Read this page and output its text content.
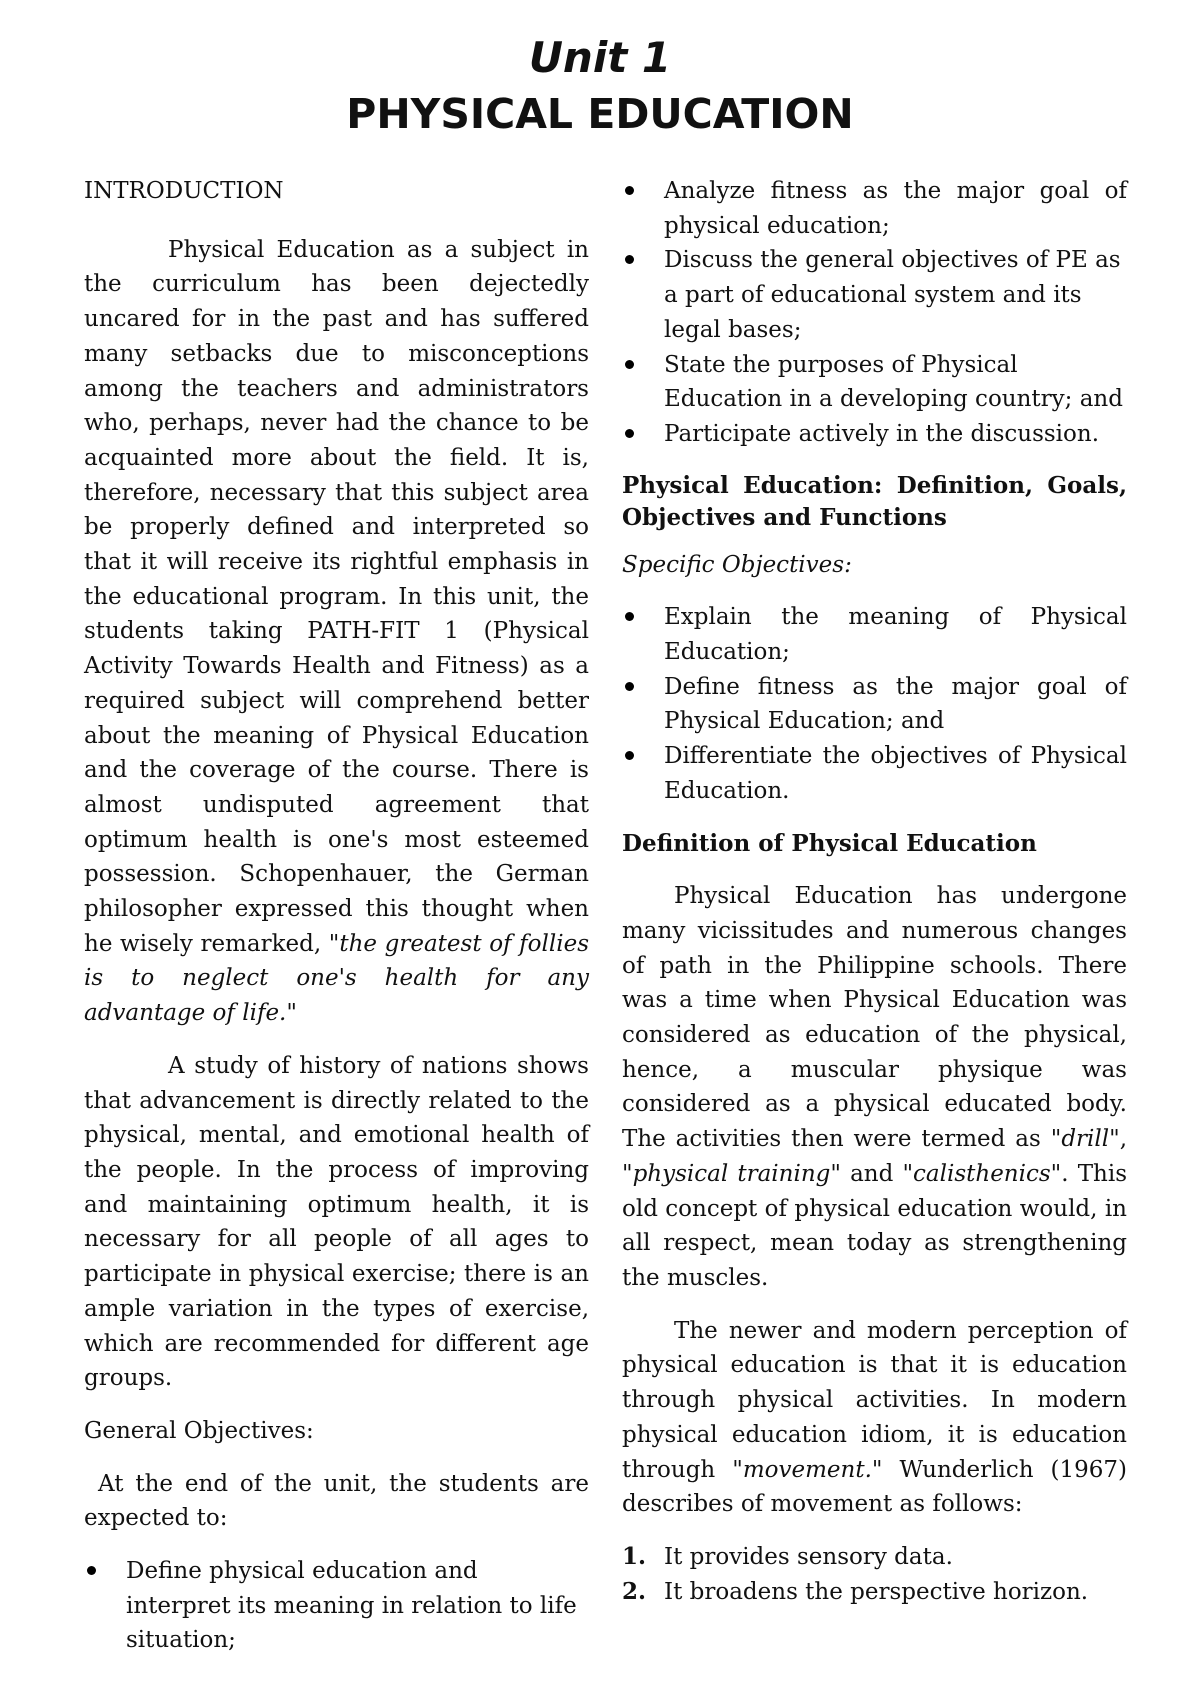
Unit 1
PHYSICAL EDUCATION

INTRODUCTION

Physical Education as a subject in the curriculum has been dejectedly uncared for in the past and has suffered many setbacks due to misconceptions among the teachers and administrators who, perhaps, never had the chance to be acquainted more about the field. It is, therefore, necessary that this subject area be properly defined and interpreted so that it will receive its rightful emphasis in the educational program. In this unit, the students taking PATH-FIT 1 (Physical Activity Towards Health and Fitness) as a required subject will comprehend better about the meaning of Physical Education and the coverage of the course. There is almost undisputed agreement that optimum health is one's most esteemed possession. Schopenhauer, the German philosopher expressed this thought when he wisely remarked, "the greatest of follies is to neglect one's health for any advantage of life."

A study of history of nations shows that advancement is directly related to the physical, mental, and emotional health of the people. In the process of improving and maintaining optimum health, it is necessary for all people of all ages to participate in physical exercise; there is an ample variation in the types of exercise, which are recommended for different age groups.

General Objectives:

At the end of the unit, the students are expected to:

Define physical education and interpret its meaning in relation to life situation;
Analyze fitness as the major goal of physical education;
Discuss the general objectives of PE as a part of educational system and its legal bases;
State the purposes of Physical Education in a developing country; and
Participate actively in the discussion.

Physical Education: Definition, Goals, Objectives and Functions

Specific Objectives:

Explain the meaning of Physical Education;
Define fitness as the major goal of Physical Education; and
Differentiate the objectives of Physical Education.

Definition of Physical Education

Physical Education has undergone many vicissitudes and numerous changes of path in the Philippine schools. There was a time when Physical Education was considered as education of the physical, hence, a muscular physique was considered as a physical educated body. The activities then were termed as "drill", "physical training" and "calisthenics". This old concept of physical education would, in all respect, mean today as strengthening the muscles.

The newer and modern perception of physical education is that it is education through physical activities. In modern physical education idiom, it is education through "movement." Wunderlich (1967) describes of movement as follows:

1. It provides sensory data.
2. It broadens the perspective horizon.
